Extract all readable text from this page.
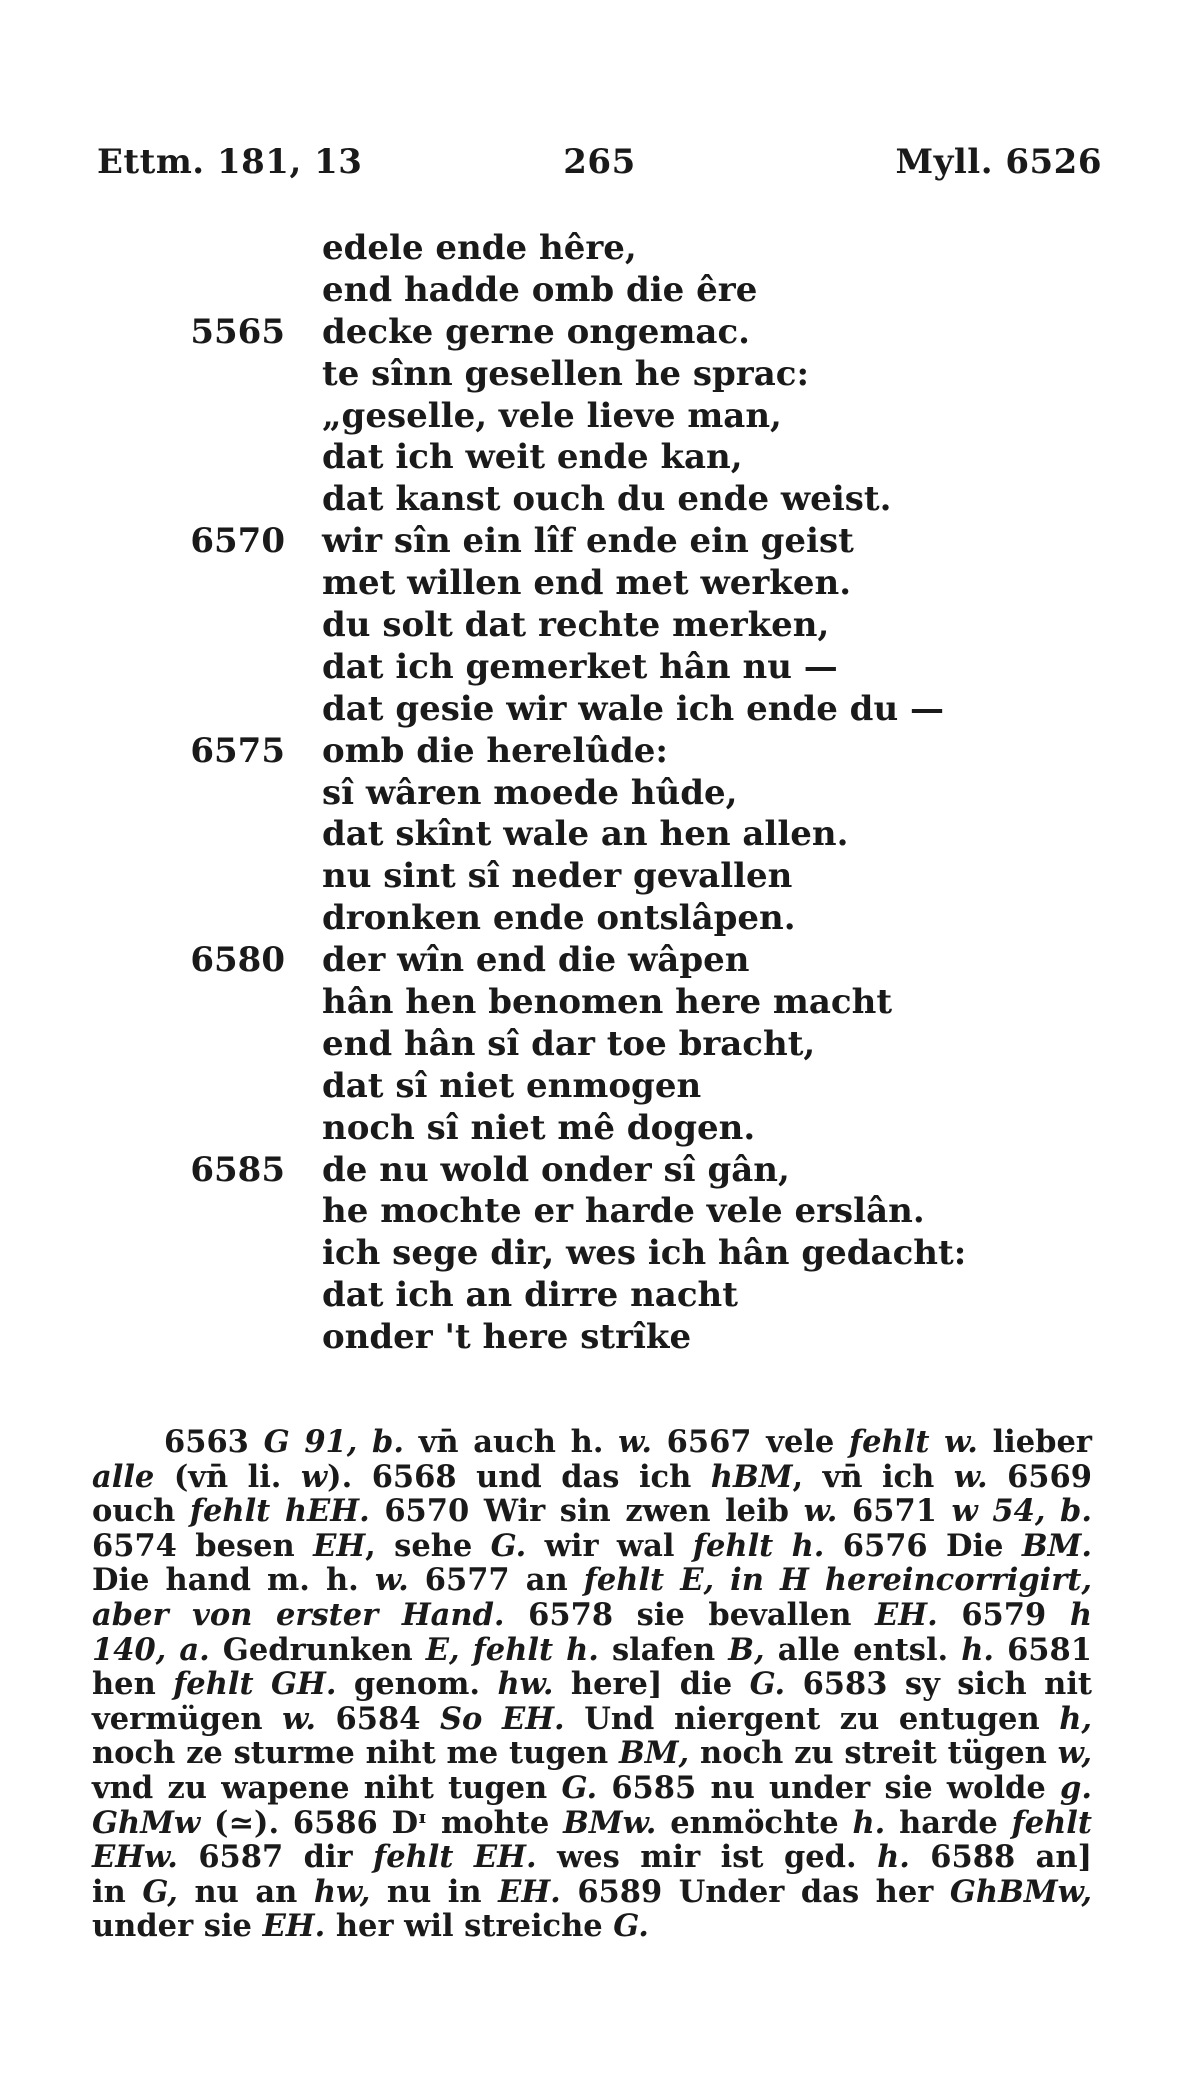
Ettm. 181, 13	265	Myll. 6526
edele ende hêre,
end hadde omb die êre
5565 decke gerne ongemac.
te sînn gesellen he sprac:
„geselle, vele lieve man,
dat ich weit ende kan,
dat kanst ouch du ende weist.
6570 wir sîn ein lîf ende ein geist
met willen end met werken.
du solt dat rechte merken,
dat ich gemerket hân nu —
dat gesie wir wale ich ende du —
6575 omb die herelûde:
sî wâren moede hûde,
dat skînt wale an hen allen.
nu sint sî neder gevallen
dronken ende ontslâpen.
6580 der wîn end die wâpen
hân hen benomen here macht
end hân sî dar toe bracht,
dat sî niet enmogen
noch sî niet mê dogen.
6585 de nu wold onder sî gân,
he mochte er harde vele erslân.
ich sege dir, wes ich hân gedacht:
dat ich an dirre nacht
onder 't here strîke
6563 G 91, b. vn̄ auch h. w. 6567 vele fehlt w. lieber
alle (vn̄ li. w). 6568 und das ich hBM, vn̄ ich w. 6569
ouch fehlt hEH. 6570 Wir sin zwen leib w. 6571 w 54, b.
6574 besen EH, sehe G. wir wal fehlt h. 6576 Die BM.
Die hand m. h. w. 6577 an fehlt E, in H hereincorrigirt,
aber von erster Hand. 6578 sie bevallen EH. 6579 h
140, a. Gedrunken E, fehlt h. slafen B, alle entsl. h. 6581
hen fehlt GH. genom. hw. here] die G. 6583 sy sich nit
vermügen w. 6584 So EH. Und niergent zu entugen h,
noch ze sturme niht me tugen BM, noch zu streit tügen w,
vnd zu wapene niht tugen G. 6585 nu under sie wolde g.
GhMw (≃). 6586 Dᶦ mohte BMw. enmöchte h. harde fehlt
EHw. 6587 dir fehlt EH. wes mir ist ged. h. 6588 an]
in G, nu an hw, nu in EH. 6589 Under das her GhBMw,
under sie EH. her wil streiche G.
